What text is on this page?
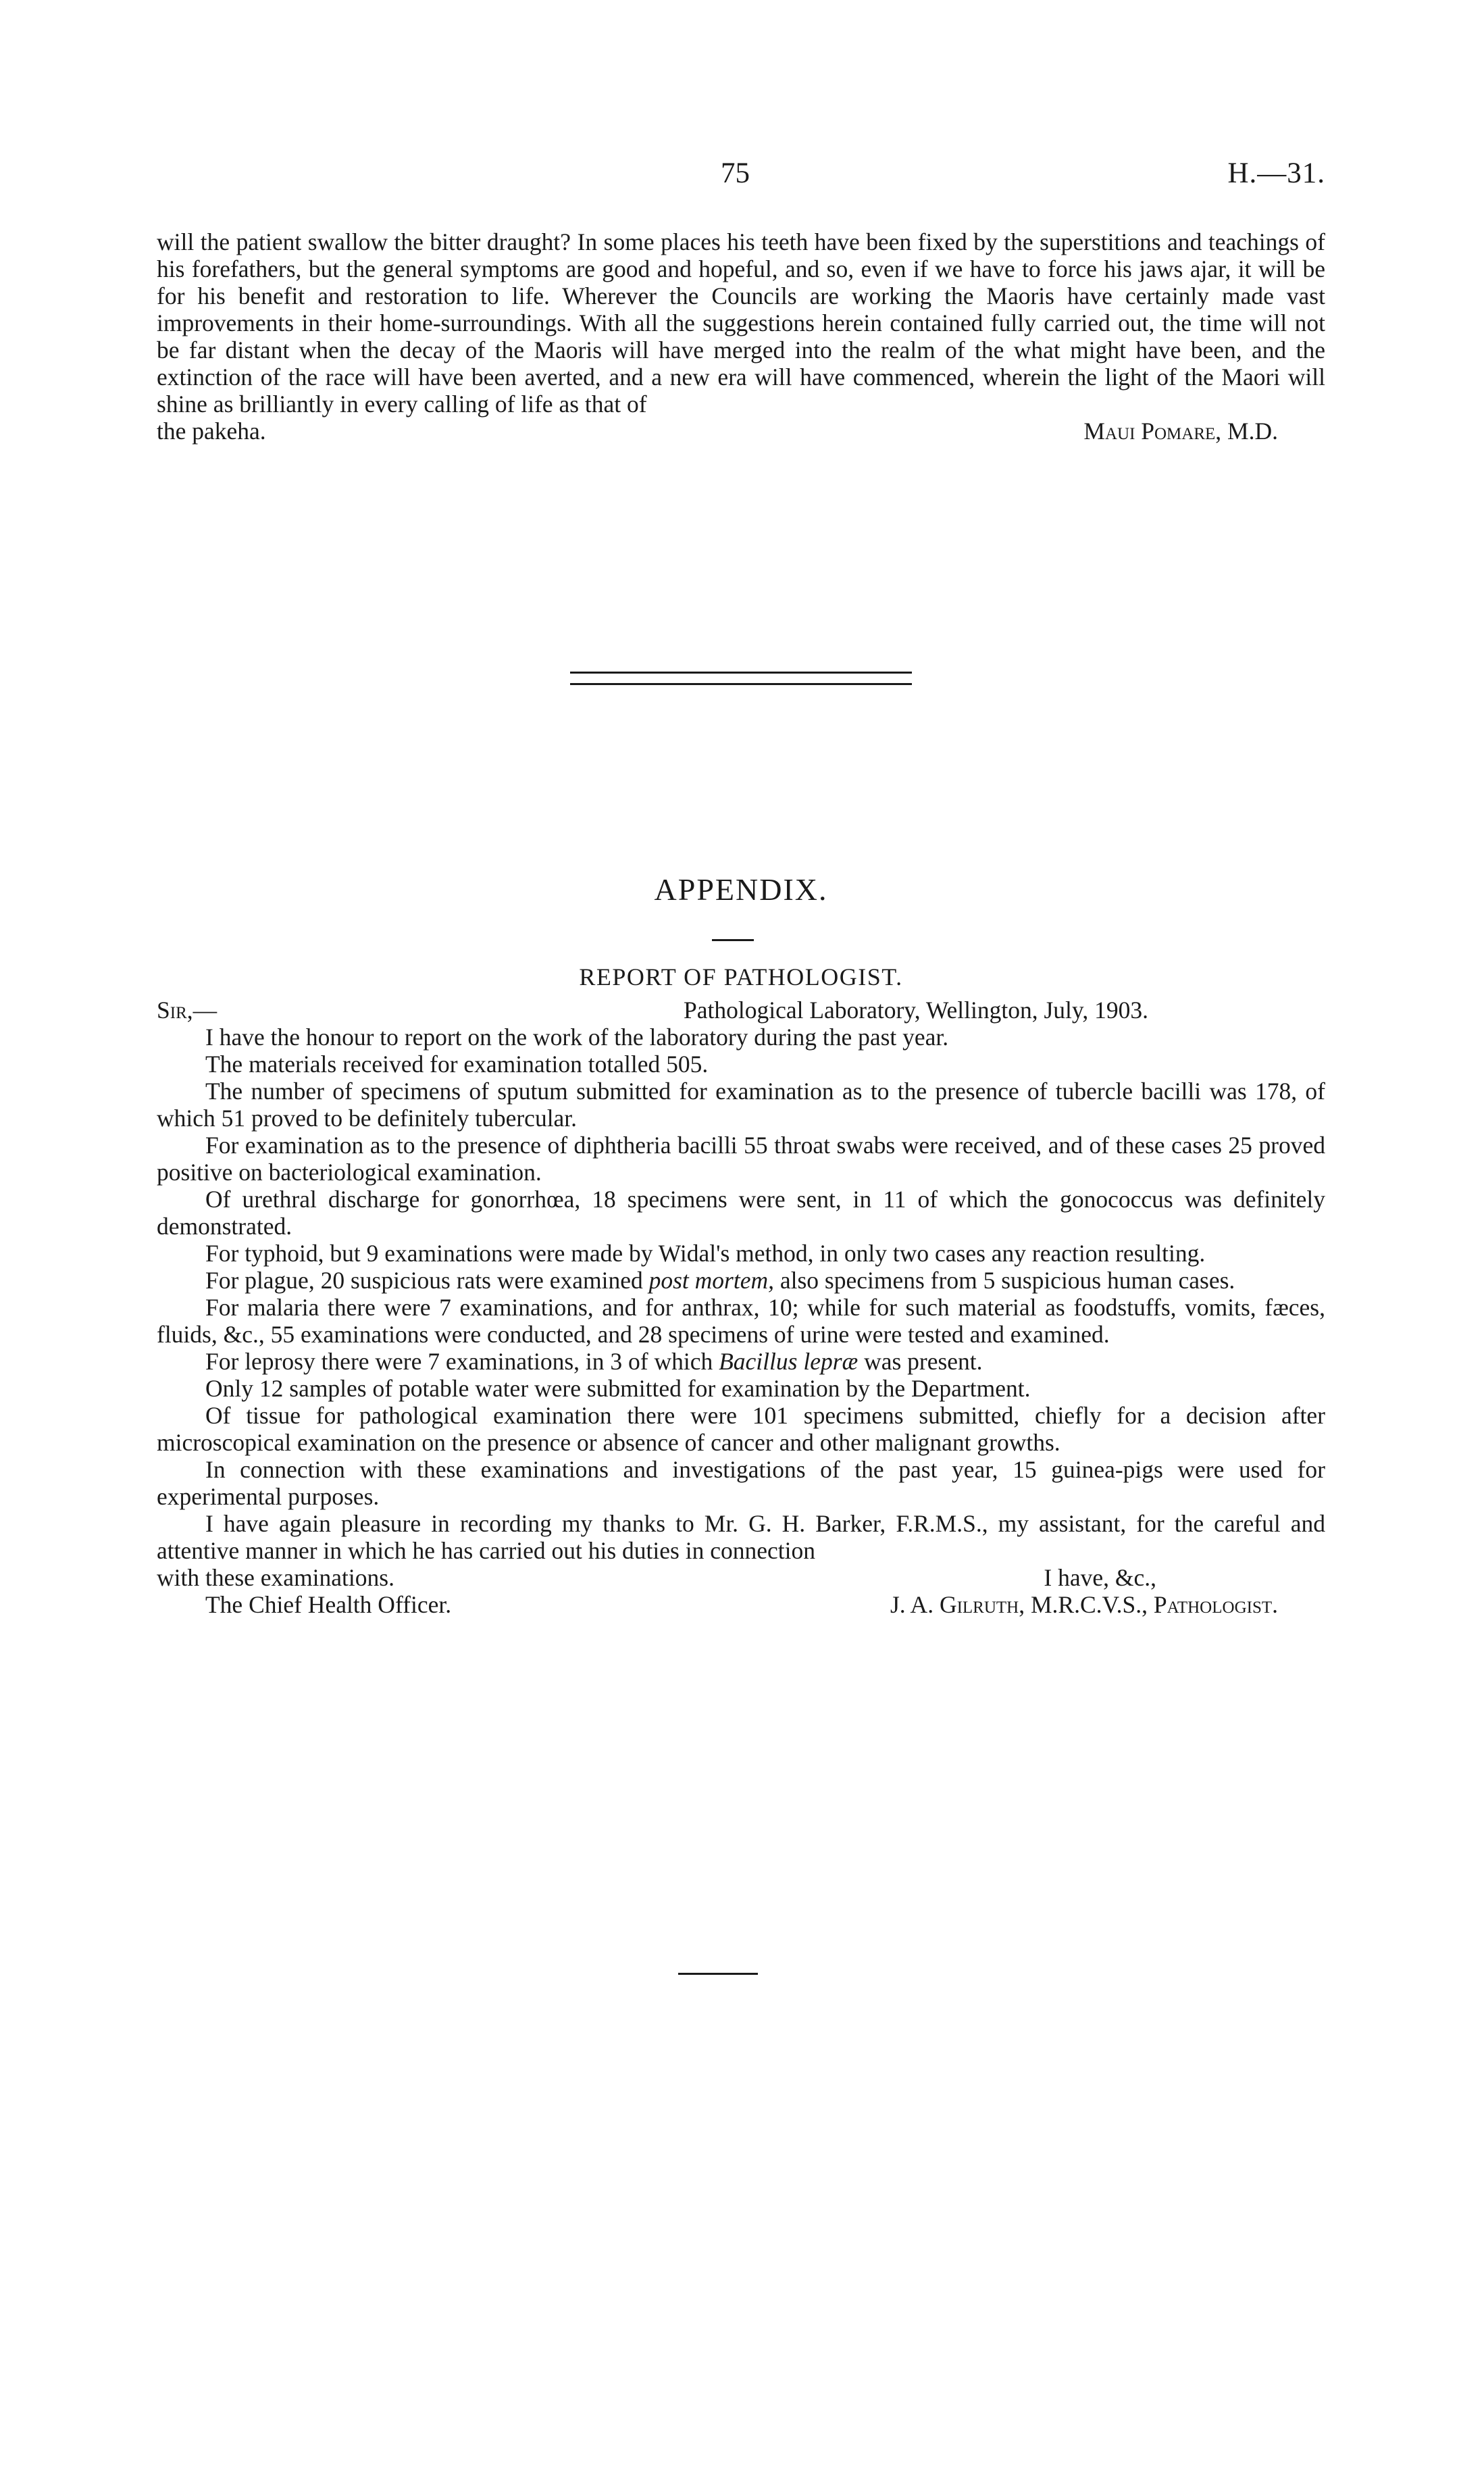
75	H.—31.

will the patient swallow the bitter draught? In some places his teeth have been fixed by the superstitions and teachings of his forefathers, but the general symptoms are good and hopeful, and so, even if we have to force his jaws ajar, it will be for his benefit and restoration to life. Wherever the Councils are working the Maoris have certainly made vast improvements in their home-surroundings. With all the suggestions herein contained fully carried out, the time will not be far distant when the decay of the Maoris will have merged into the realm of the what might have been, and the extinction of the race will have been averted, and a new era will have commenced, wherein the light of the Maori will shine as brilliantly in every calling of life as that of

the pakeha.	Maui Pomare, M.D.
APPENDIX.
REPORT OF PATHOLOGIST.
Sir,—	Pathological Laboratory, Wellington, July, 1903.

I have the honour to report on the work of the laboratory during the past year.

The materials received for examination totalled 505.

The number of specimens of sputum submitted for examination as to the presence of tubercle bacilli was 178, of which 51 proved to be definitely tubercular.

For examination as to the presence of diphtheria bacilli 55 throat swabs were received, and of these cases 25 proved positive on bacteriological examination.

Of urethral discharge for gonorrhœa, 18 specimens were sent, in 11 of which the gonococcus was definitely demonstrated.

For typhoid, but 9 examinations were made by Widal's method, in only two cases any reaction resulting.

For plague, 20 suspicious rats were examined post mortem, also specimens from 5 suspicious human cases.

For malaria there were 7 examinations, and for anthrax, 10; while for such material as foodstuffs, vomits, fæces, fluids, &c., 55 examinations were conducted, and 28 specimens of urine were tested and examined.

For leprosy there were 7 examinations, in 3 of which Bacillus lepræ was present.

Only 12 samples of potable water were submitted for examination by the Department.

Of tissue for pathological examination there were 101 specimens submitted, chiefly for a decision after microscopical examination on the presence or absence of cancer and other malignant growths.

In connection with these examinations and investigations of the past year, 15 guinea-pigs were used for experimental purposes.

I have again pleasure in recording my thanks to Mr. G. H. Barker, F.R.M.S., my assistant, for the careful and attentive manner in which he has carried out his duties in connection

with these examinations.	I have, &c.,
The Chief Health Officer.	J. A. Gilruth, M.R.C.V.S., Pathologist.
